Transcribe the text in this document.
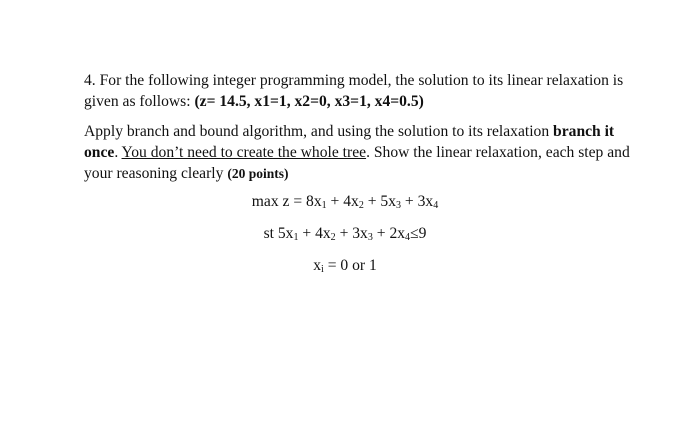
4. For the following integer programming model, the solution to its linear relaxation is given as follows: (z= 14.5, x1=1, x2=0, x3=1, x4=0.5)

Apply branch and bound algorithm, and using the solution to its relaxation branch it once. You don’t need to create the whole tree. Show the linear relaxation, each step and your reasoning clearly (20 points)

$\max z = 8x_1 + 4x_2 + 5x_3 + 3x_4$
st $5x_1 + 4x_2 + 3x_3 + 2x_4\le 9$
$x_i = 0$ or 1
